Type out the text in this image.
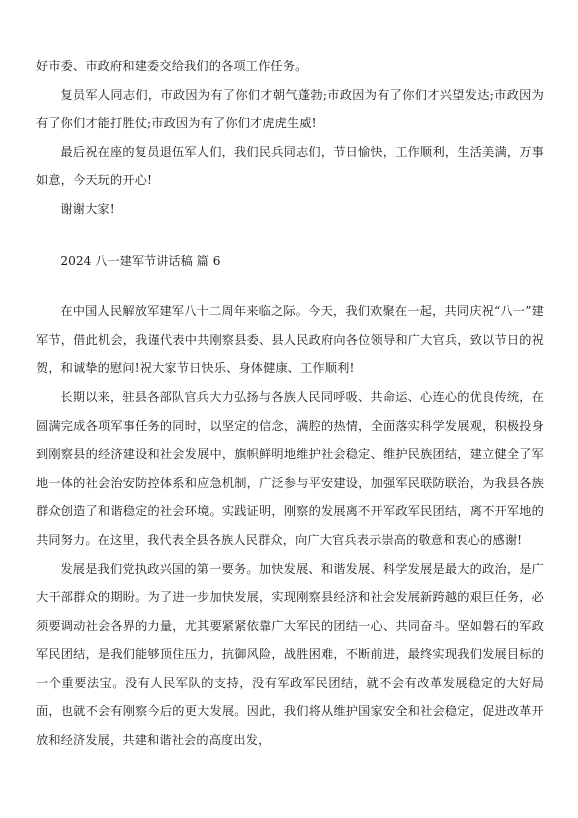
好市委、市政府和建委交给我们的各项工作任务。

复员军人同志们，市政因为有了你们才朝气蓬勃;市政因为有了你们才兴望发达;市政因为有了你们才能打胜仗;市政因为有了你们才虎虎生威!

最后祝在座的复员退伍军人们，我们民兵同志们，节日愉快，工作顺利，生活美满，万事如意，今天玩的开心!

谢谢大家!

2024 八一建军节讲话稿 篇 6

在中国人民解放军建军八十二周年来临之际。今天，我们欢聚在一起，共同庆祝“八一”建军节，借此机会，我谨代表中共刚察县委、县人民政府向各位领导和广大官兵，致以节日的祝贺，和诚挚的慰问!祝大家节日快乐、身体健康、工作顺利!

长期以来，驻县各部队官兵大力弘扬与各族人民同呼吸、共命运、心连心的优良传统，在圆满完成各项军事任务的同时，以坚定的信念，满腔的热情，全面落实科学发展观，积极投身到刚察县的经济建设和社会发展中，旗帜鲜明地维护社会稳定、维护民族团结，建立健全了军地一体的社会治安防控体系和应急机制，广泛参与平安建设，加强军民联防联治，为我县各族群众创造了和谐稳定的社会环境。实践证明，刚察的发展离不开军政军民团结，离不开军地的共同努力。在这里，我代表全县各族人民群众，向广大官兵表示崇高的敬意和衷心的感谢!

发展是我们党执政兴国的第一要务。加快发展、和谐发展、科学发展是最大的政治，是广大干部群众的期盼。为了进一步加快发展，实现刚察县经济和社会发展新跨越的艰巨任务，必须要调动社会各界的力量，尤其要紧紧依靠广大军民的团结一心、共同奋斗。坚如磐石的军政军民团结，是我们能够顶住压力，抗御风险，战胜困难，不断前进，最终实现我们发展目标的一个重要法宝。没有人民军队的支持，没有军政军民团结，就不会有改革发展稳定的大好局面，也就不会有刚察今后的更大发展。因此，我们将从维护国家安全和社会稳定，促进改革开放和经济发展，共建和谐社会的高度出发，
